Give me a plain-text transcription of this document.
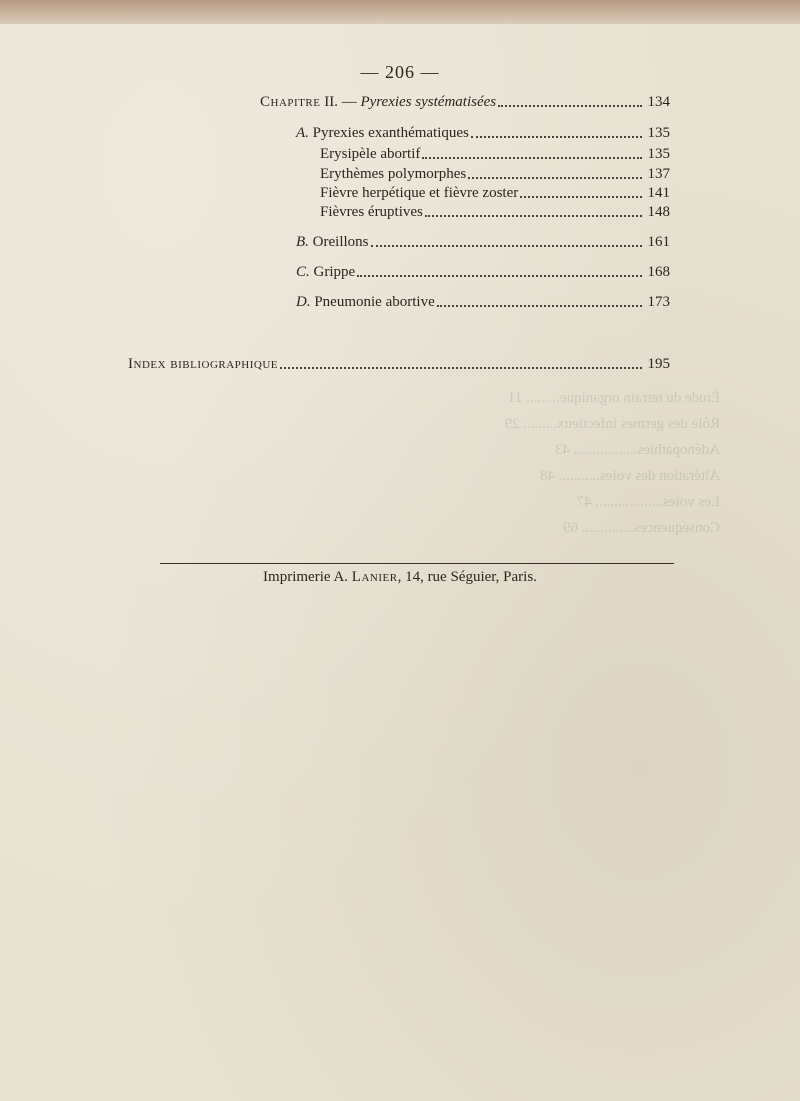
Étude du terrain organique......... 11
Rôle des germes infectieux......... 29
Adénopathies................. 43
Altération des voies........... 48
Les voies.................. 47
Conséquences.............. 69
— 206 —
Chapitre II. — Pyrexies systématisées	134
A. Pyrexies exanthématiques	135
Erysipèle abortif	135
Erythèmes polymorphes	137
Fièvre herpétique et fièvre zoster	141
Fièvres éruptives	148
B. Oreillons	161
C. Grippe	168
D. Pneumonie abortive	173
Index bibliographique	195
Imprimerie A. Lanier, 14, rue Séguier, Paris.
